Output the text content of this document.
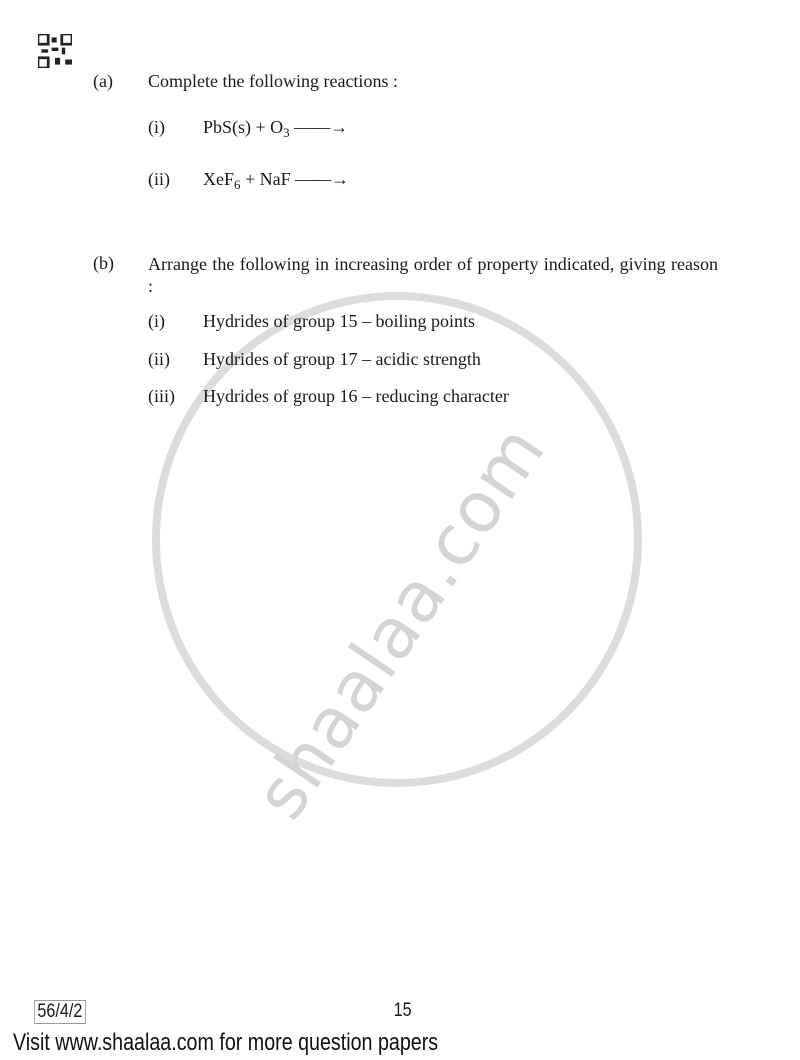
shaalaa.com
(a) Complete the following reactions :
(i) $PbS(s) + O_3$ ——→
(ii) XeF$_6$ + NaF ——→
(b) Arrange the following in increasing order of property indicated, giving reason :
(i) Hydrides of group 15 – boiling points
(ii) Hydrides of group 17 – acidic strength
(iii) Hydrides of group 16 – reducing character
56/4/2	15
Visit www.shaalaa.com for more question papers
